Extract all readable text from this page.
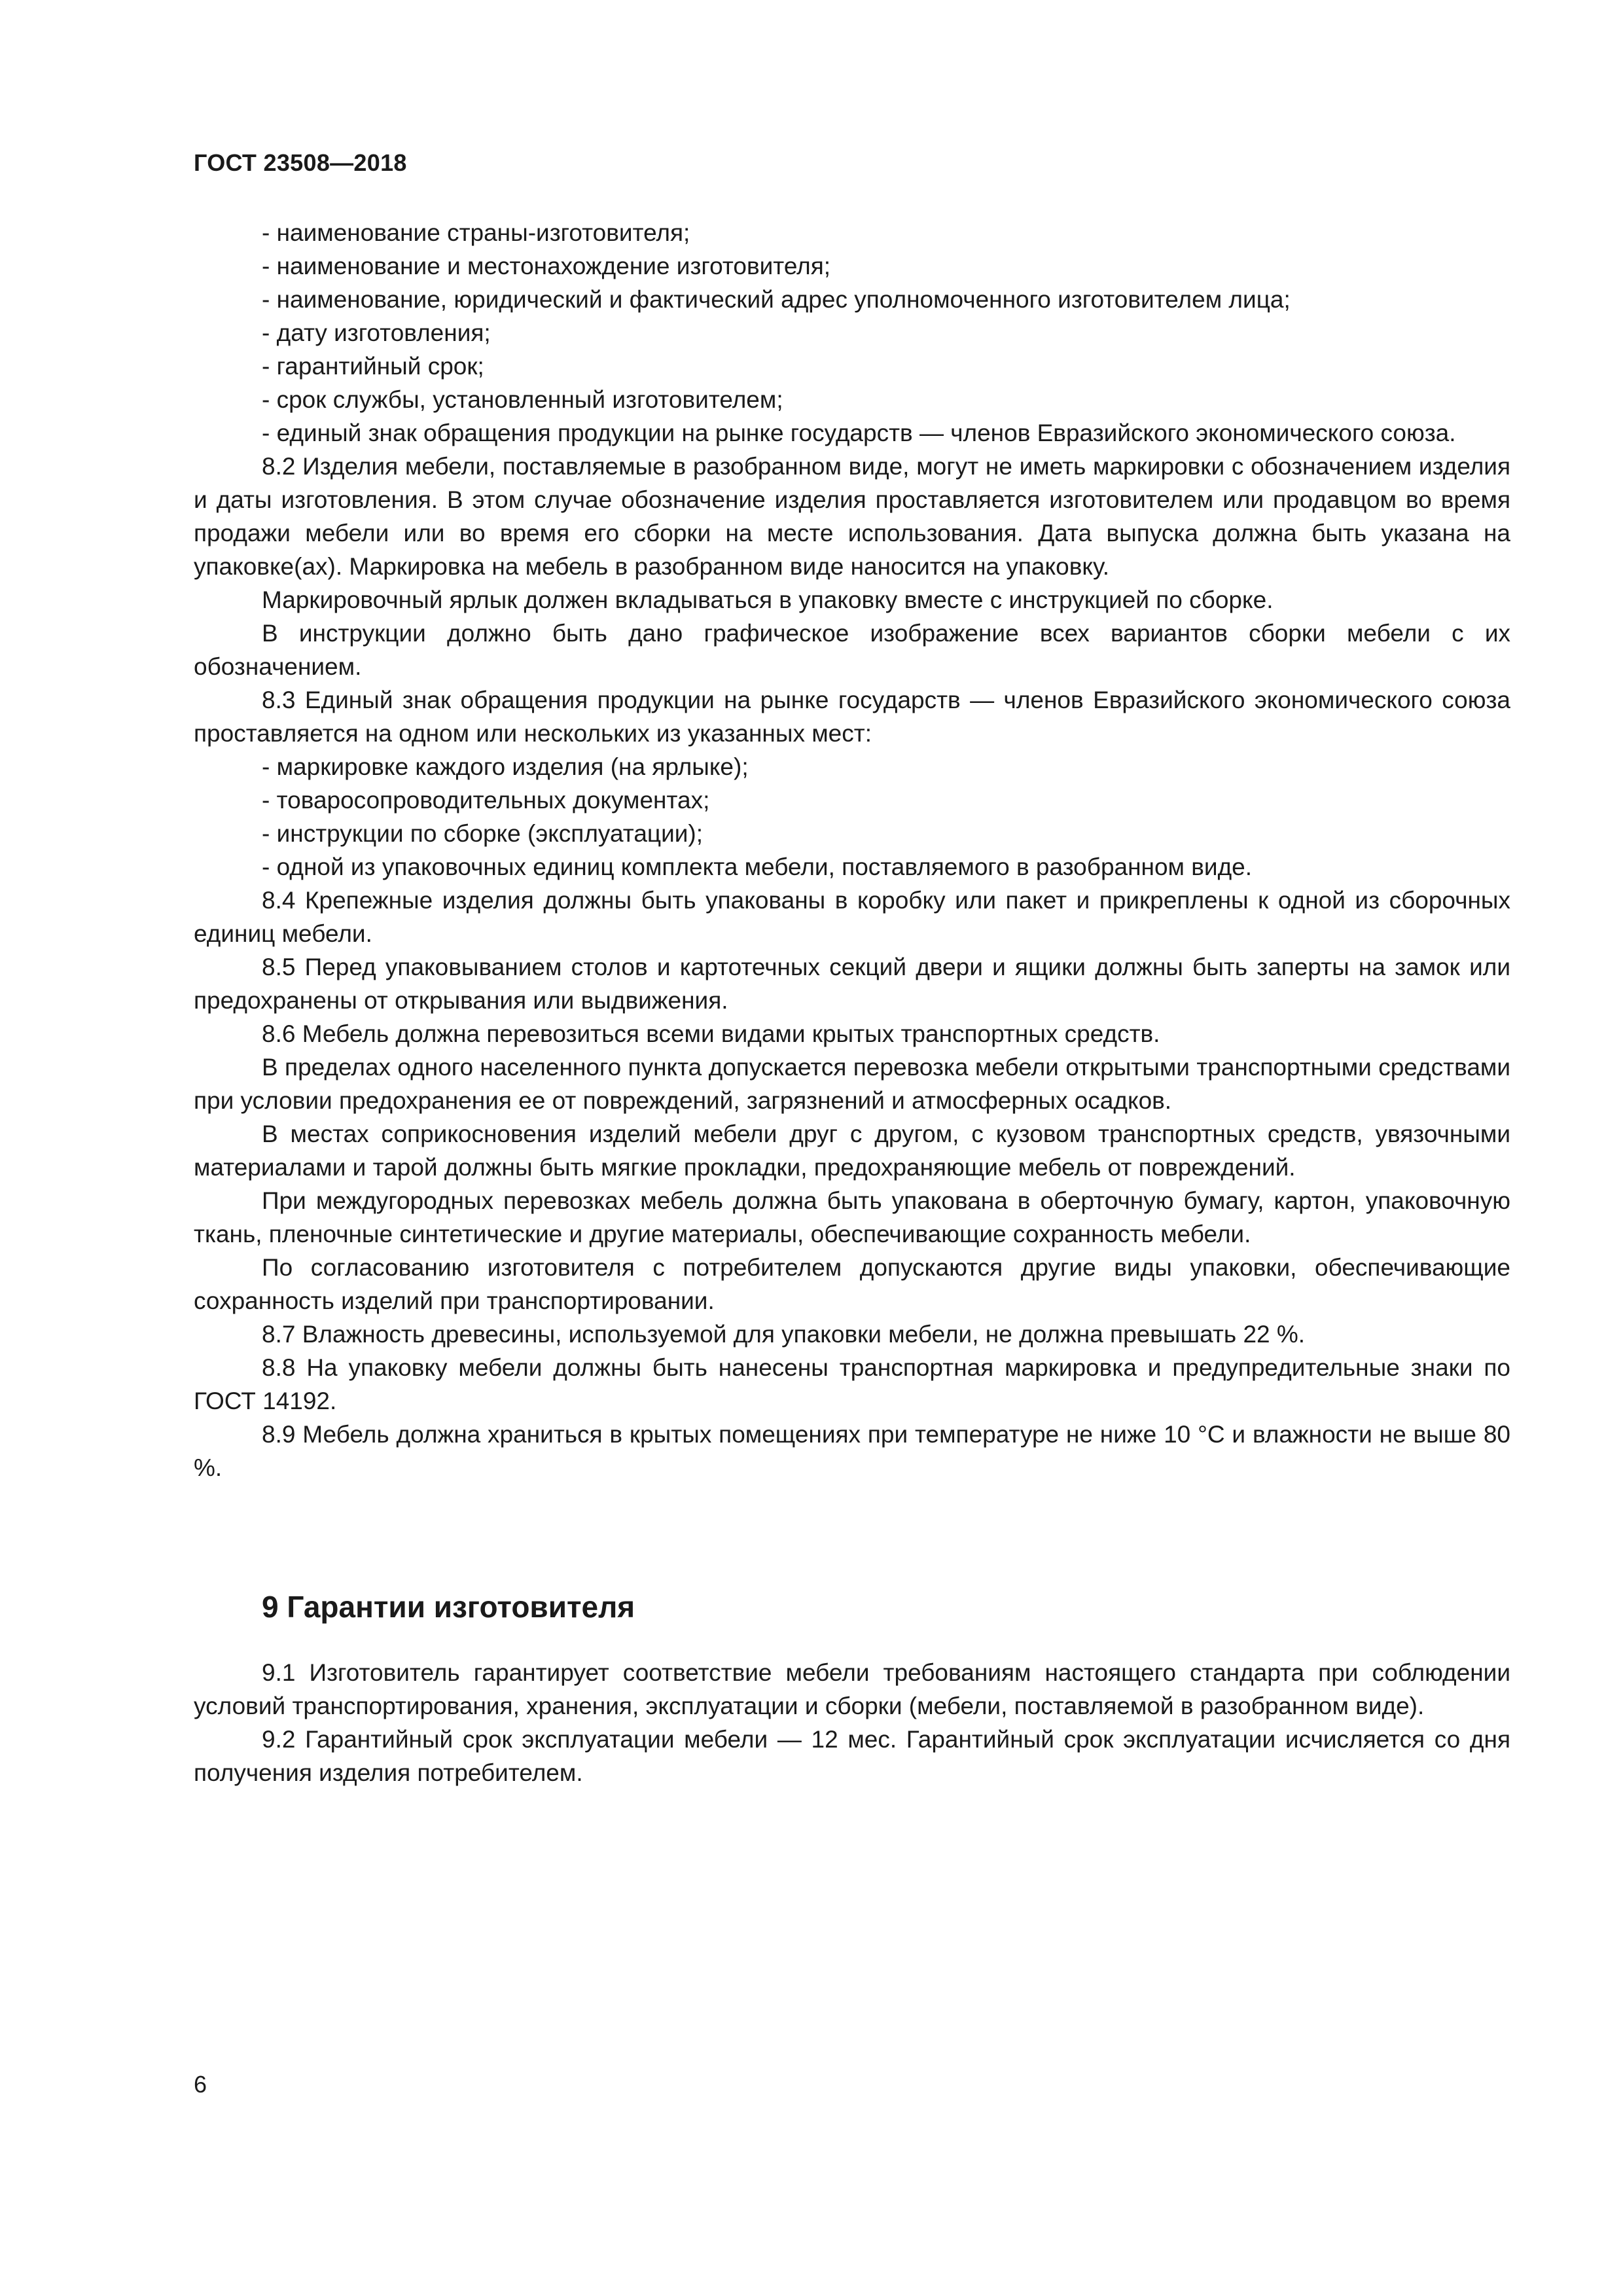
ГОСТ 23508—2018

- наименование страны-изготовителя;

- наименование и местонахождение изготовителя;

- наименование, юридический и фактический адрес уполномоченного изготовителем лица;

- дату изготовления;

- гарантийный срок;

- срок службы, установленный изготовителем;

- единый знак обращения продукции на рынке государств — членов Евразийского экономического союза.

8.2 Изделия мебели, поставляемые в разобранном виде, могут не иметь маркировки с обозначением изделия и даты изготовления. В этом случае обозначение изделия проставляется изготовителем или продавцом во время продажи мебели или во время его сборки на месте использования. Дата выпуска должна быть указана на упаковке(ах). Маркировка на мебель в разобранном виде наносится на упаковку.

Маркировочный ярлык должен вкладываться в упаковку вместе с инструкцией по сборке.

В инструкции должно быть дано графическое изображение всех вариантов сборки мебели с их обозначением.

8.3 Единый знак обращения продукции на рынке государств — членов Евразийского экономического союза проставляется на одном или нескольких из указанных мест:

- маркировке каждого изделия (на ярлыке);

- товаросопроводительных документах;

- инструкции по сборке (эксплуатации);

- одной из упаковочных единиц комплекта мебели, поставляемого в разобранном виде.

8.4 Крепежные изделия должны быть упакованы в коробку или пакет и прикреплены к одной из сборочных единиц мебели.

8.5 Перед упаковыванием столов и картотечных секций двери и ящики должны быть заперты на замок или предохранены от открывания или выдвижения.

8.6 Мебель должна перевозиться всеми видами крытых транспортных средств.

В пределах одного населенного пункта допускается перевозка мебели открытыми транспортными средствами при условии предохранения ее от повреждений, загрязнений и атмосферных осадков.

В местах соприкосновения изделий мебели друг с другом, с кузовом транспортных средств, увязочными материалами и тарой должны быть мягкие прокладки, предохраняющие мебель от повреждений.

При междугородных перевозках мебель должна быть упакована в оберточную бумагу, картон, упаковочную ткань, пленочные синтетические и другие материалы, обеспечивающие сохранность мебели.

По согласованию изготовителя с потребителем допускаются другие виды упаковки, обеспечивающие сохранность изделий при транспортировании.

8.7 Влажность древесины, используемой для упаковки мебели, не должна превышать 22 %.

8.8 На упаковку мебели должны быть нанесены транспортная маркировка и предупредительные знаки по ГОСТ 14192.

8.9 Мебель должна храниться в крытых помещениях при температуре не ниже 10 °С и влажности не выше 80 %.

9 Гарантии изготовителя

9.1 Изготовитель гарантирует соответствие мебели требованиям настоящего стандарта при соблюдении условий транспортирования, хранения, эксплуатации и сборки (мебели, поставляемой в разобранном виде).

9.2 Гарантийный срок эксплуатации мебели — 12 мес. Гарантийный срок эксплуатации исчисляется со дня получения изделия потребителем.

6
